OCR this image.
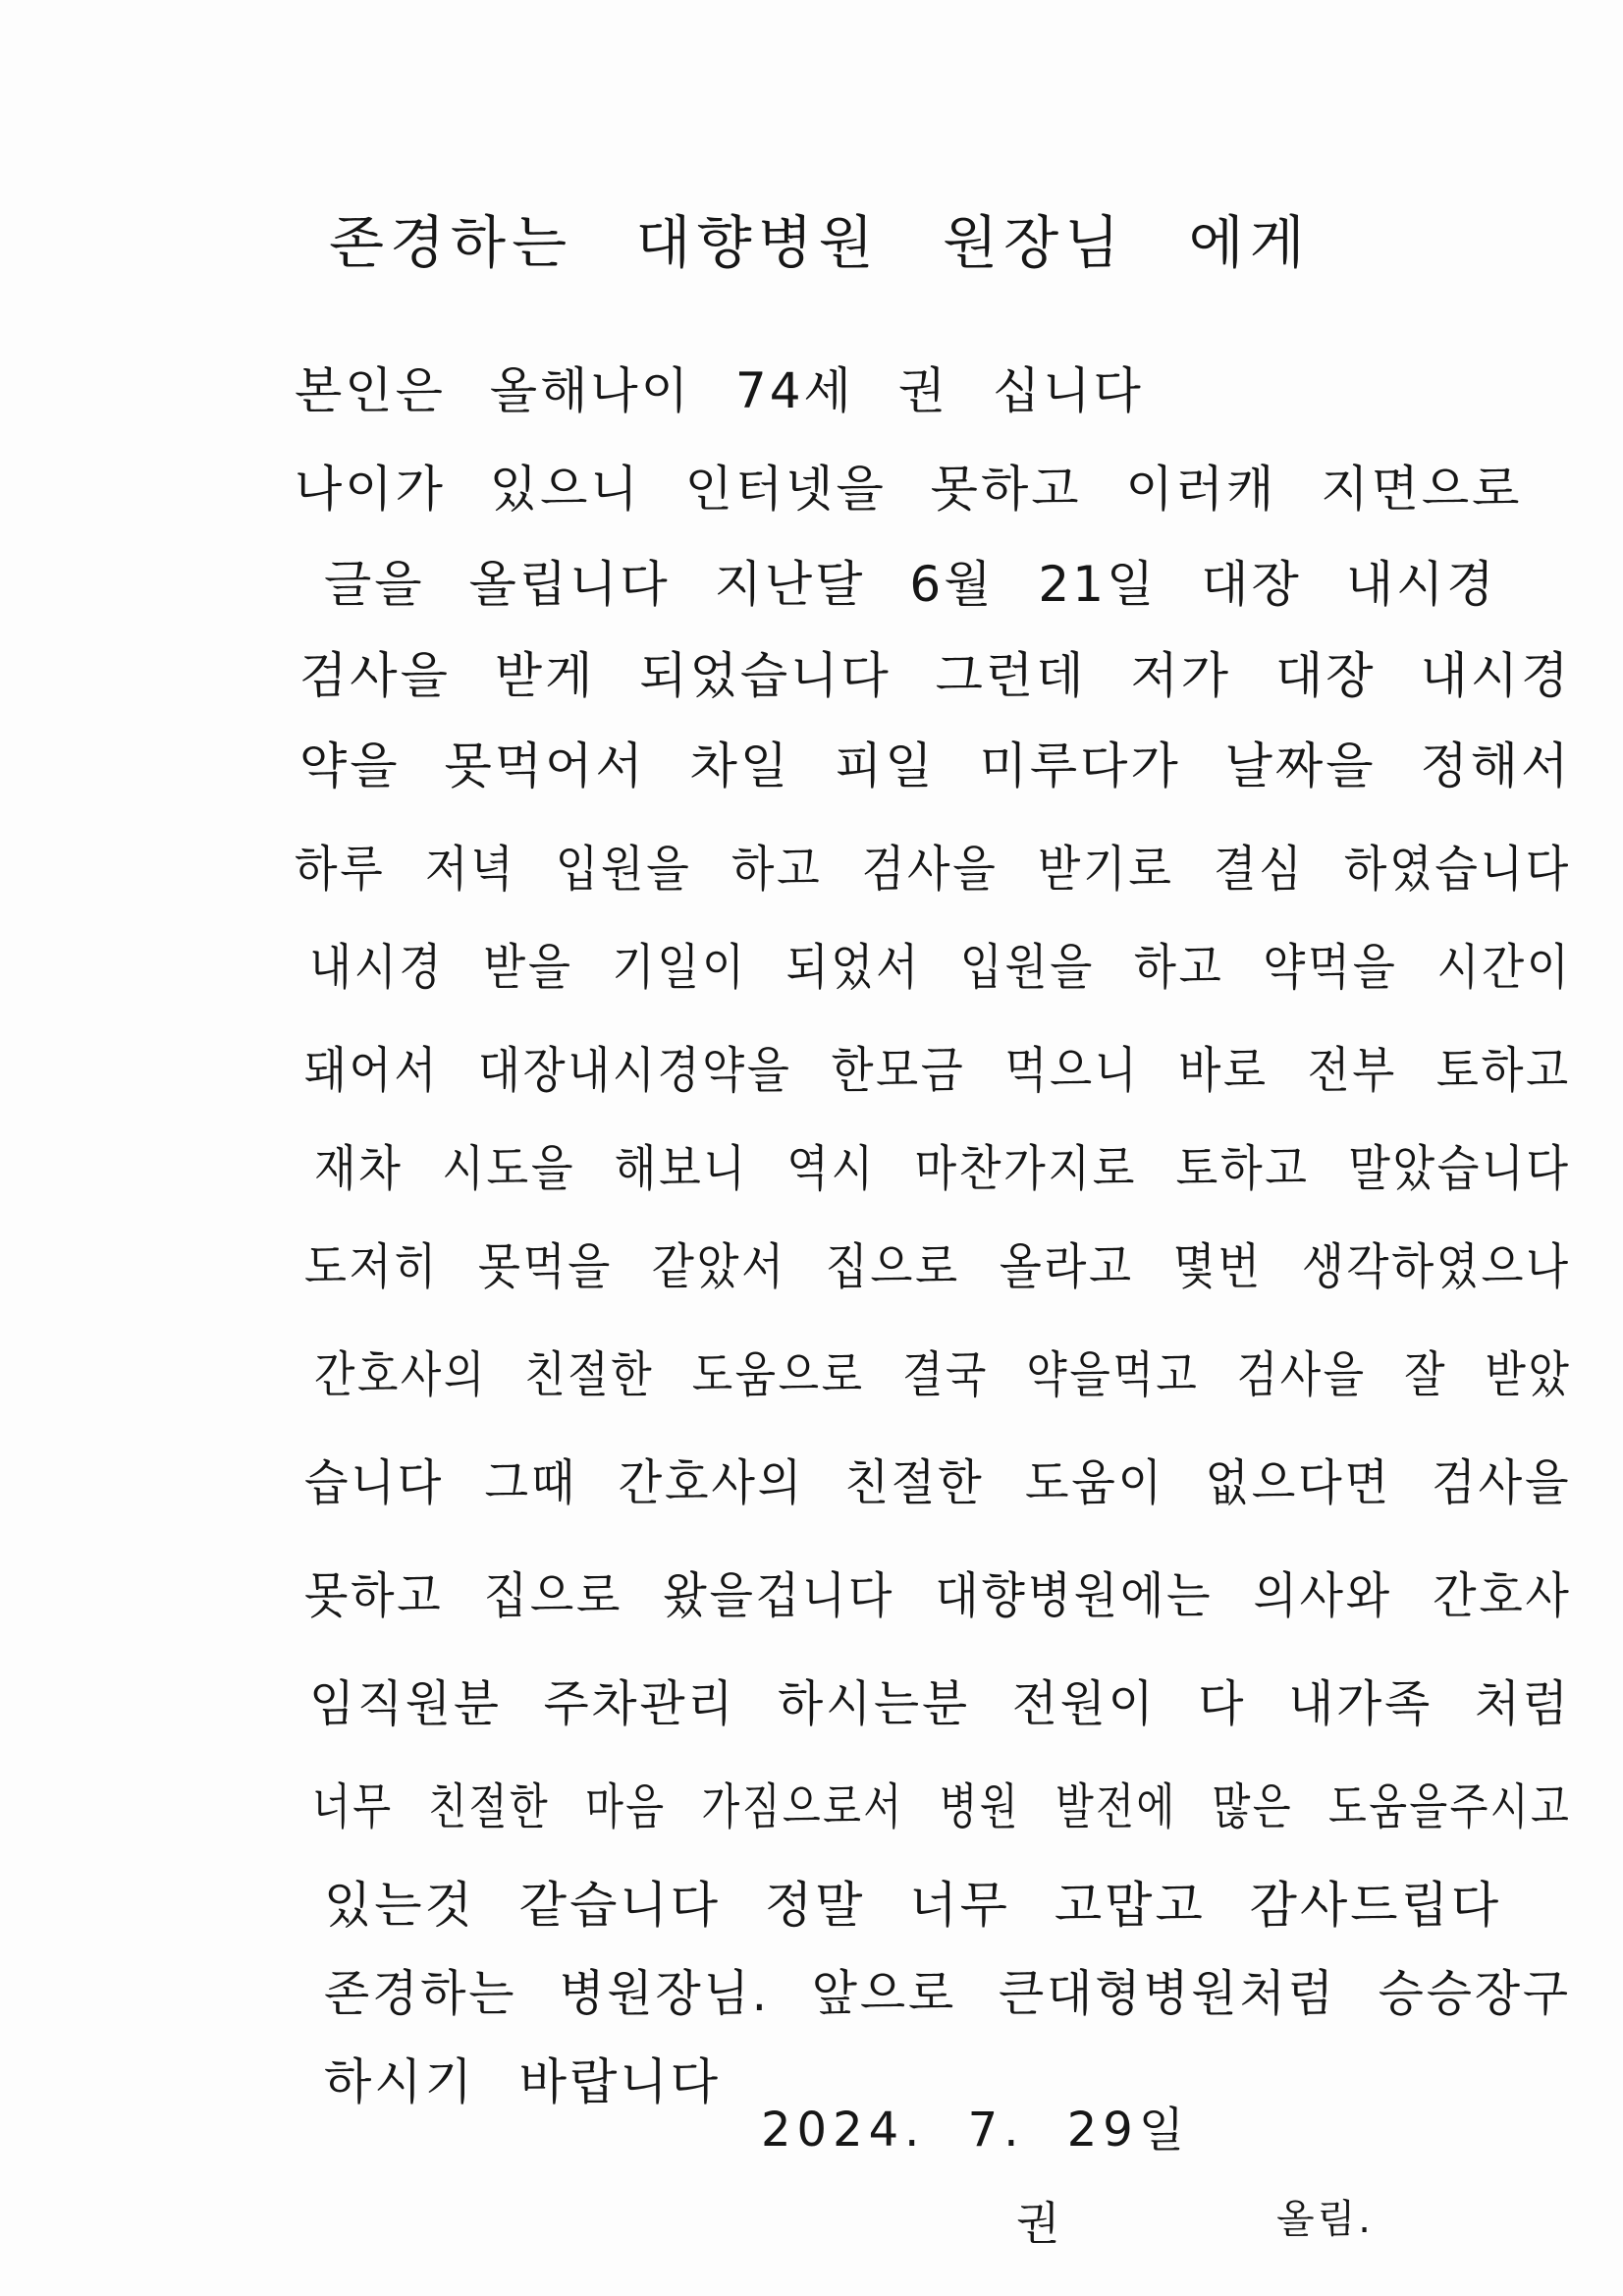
존경하는 대향병원 원장님 에게
본인은 올해나이 74세 권 십니다
나이가 있으니 인터넷을 못하고 이러캐 지면으로
글을 올립니다 지난달 6월 21일 대장 내시경
검사을 받게 되었습니다 그런데 저가 대장 내시경
약을 못먹어서 차일 피일 미루다가 날짜을 정해서
하루 저녁 입원을 하고 검사을 받기로 결심 하였습니다
내시경 받을 기일이 되었서 입원을 하고 약먹을 시간이
돼어서 대장내시경약을 한모금 먹으니 바로 전부 토하고
재차 시도을 해보니 역시 마찬가지로 토하고 말았습니다
도저히 못먹을 같았서 집으로 올라고 몇번 생각하였으나
간호사의 친절한 도움으로 결국 약을먹고 검사을 잘 받았
습니다 그때 간호사의 친절한 도움이 없으다면 검사을
못하고 집으로 왔을겁니다 대향병원에는 의사와 간호사
임직원분 주차관리 하시는분 전원이 다 내가족 처럼
너무 친절한 마음 가짐으로서 병원 발전에 많은 도움을주시고
있는것 같습니다 정말 너무 고맙고 감사드립다
존경하는 병원장님. 앞으로 큰대형병원처럼 승승장구
하시기 바랍니다
2024. 7. 29일
권	올림.
